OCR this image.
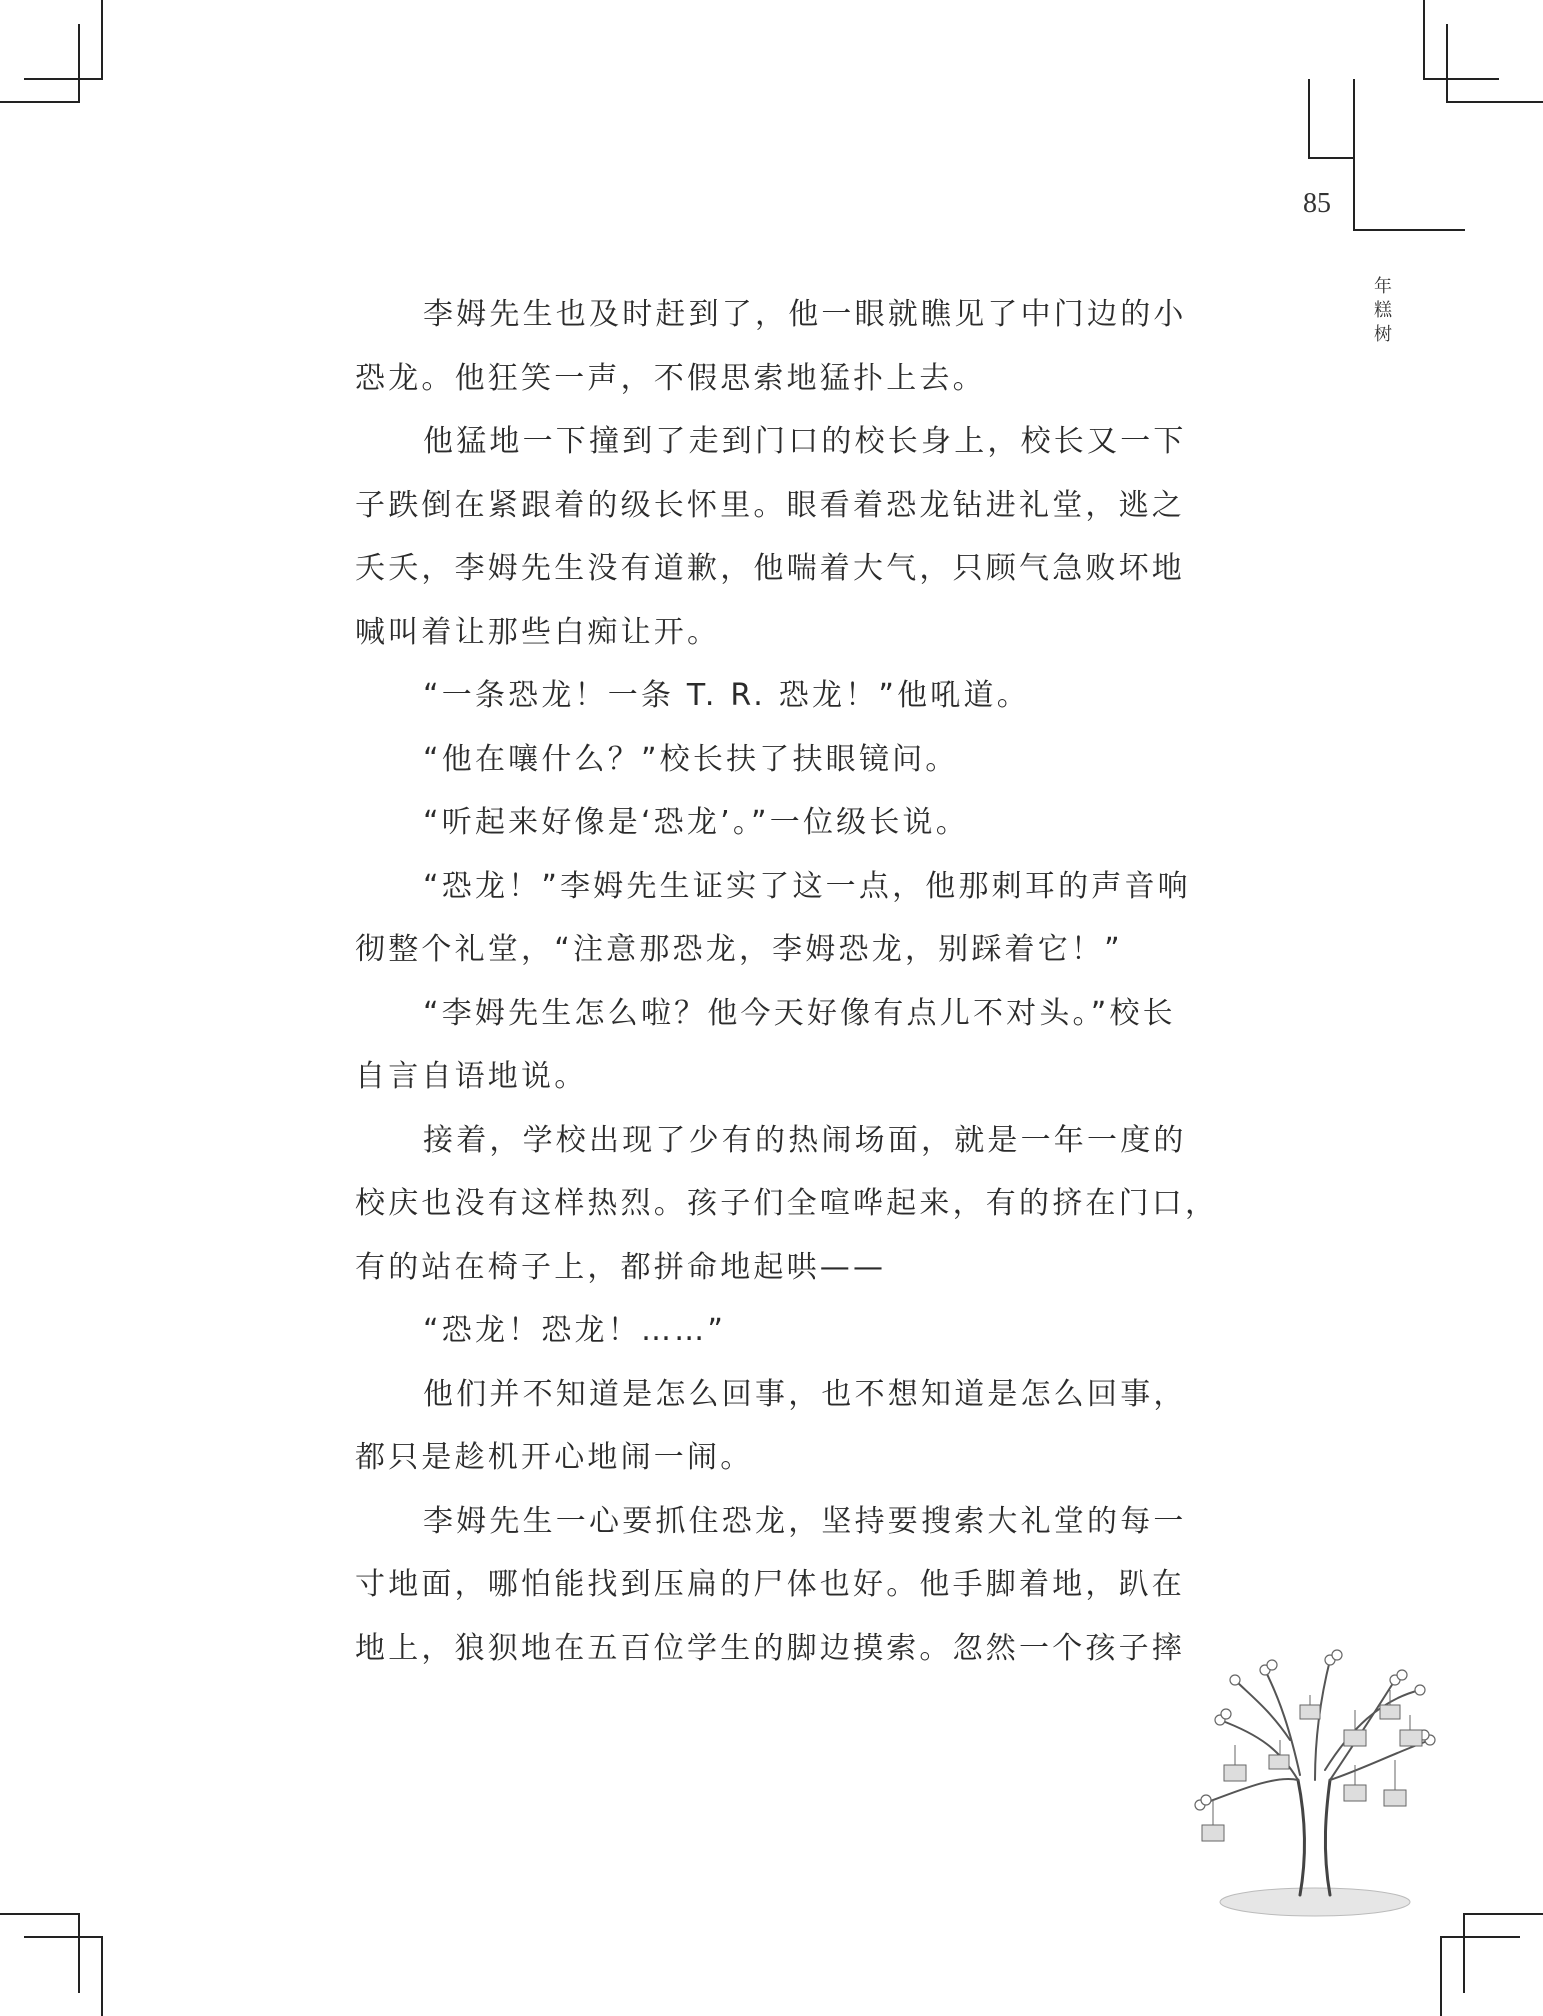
85
年
糕
树
李姆先生也及时赶到了，他一眼就瞧见了中门边的小
恐龙。他狂笑一声，不假思索地猛扑上去。
他猛地一下撞到了走到门口的校长身上，校长又一下
子跌倒在紧跟着的级长怀里。眼看着恐龙钻进礼堂，逃之
夭夭，李姆先生没有道歉，他喘着大气，只顾气急败坏地
喊叫着让那些白痴让开。
“一条恐龙！一条 T. R. 恐龙！”他吼道。
“他在嚷什么？”校长扶了扶眼镜问。
“听起来好像是‘恐龙’。”一位级长说。
“恐龙！”李姆先生证实了这一点，他那刺耳的声音响
彻整个礼堂，“注意那恐龙，李姆恐龙，别踩着它！”
“李姆先生怎么啦？他今天好像有点儿不对头。”校长
自言自语地说。
接着，学校出现了少有的热闹场面，就是一年一度的
校庆也没有这样热烈。孩子们全喧哗起来，有的挤在门口，
有的站在椅子上，都拼命地起哄——
“恐龙！恐龙！……”
他们并不知道是怎么回事，也不想知道是怎么回事，
都只是趁机开心地闹一闹。
李姆先生一心要抓住恐龙，坚持要搜索大礼堂的每一
寸地面，哪怕能找到压扁的尸体也好。他手脚着地，趴在
地上，狼狈地在五百位学生的脚边摸索。忽然一个孩子摔
